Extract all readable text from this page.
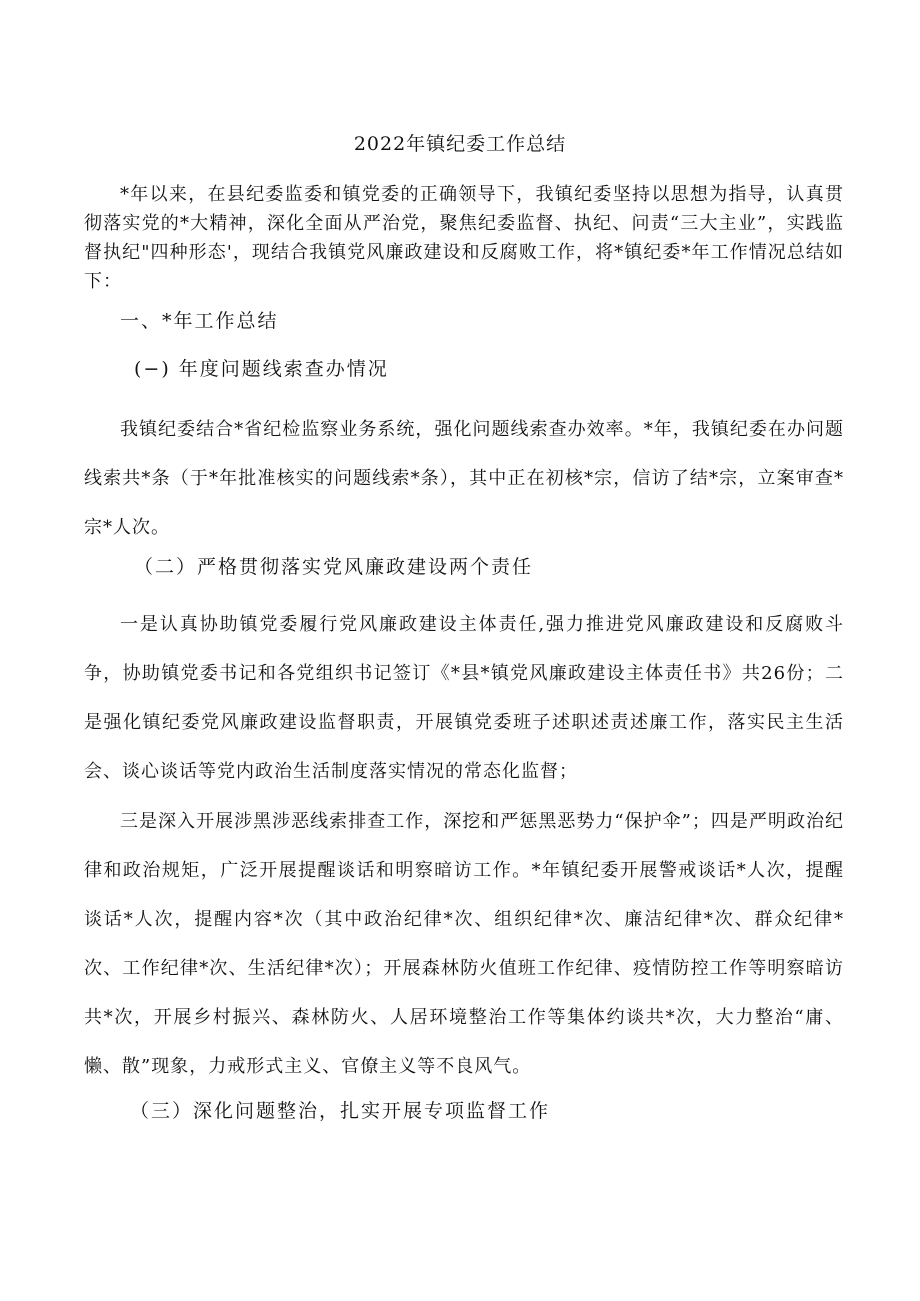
2022年镇纪委工作总结

*年以来，在县纪委监委和镇党委的正确领导下，我镇纪委坚持以思想为指导，认真贯彻落实党的*大精神，深化全面从严治党，聚焦纪委监督、执纪、问责“三大主业”，实践监督执纪"四种形态'，现结合我镇党风廉政建设和反腐败工作，将*镇纪委*年工作情况总结如下：

一、*年工作总结

(−) 年度问题线索查办情况

我镇纪委结合*省纪检监察业务系统，强化问题线索查办效率。*年，我镇纪委在办问题线索共*条（于*年批准核实的问题线索*条），其中正在初核*宗，信访了结*宗，立案审查*宗*人次。

（二）严格贯彻落实党风廉政建设两个责任

一是认真协助镇党委履行党风廉政建设主体责任,强力推进党风廉政建设和反腐败斗争，协助镇党委书记和各党组织书记签订《*县*镇党风廉政建设主体责任书》共26份；二是强化镇纪委党风廉政建设监督职责，开展镇党委班子述职述责述廉工作，落实民主生活会、谈心谈话等党内政治生活制度落实情况的常态化监督；

三是深入开展涉黑涉恶线索排查工作，深挖和严惩黑恶势力“保护伞”；四是严明政治纪律和政治规矩，广泛开展提醒谈话和明察暗访工作。*年镇纪委开展警戒谈话*人次，提醒谈话*人次，提醒内容*次（其中政治纪律*次、组织纪律*次、廉洁纪律*次、群众纪律*次、工作纪律*次、生活纪律*次）；开展森林防火值班工作纪律、疫情防控工作等明察暗访共*次，开展乡村振兴、森林防火、人居环境整治工作等集体约谈共*次，大力整治“庸、懒、散”现象，力戒形式主义、官僚主义等不良风气。

（三）深化问题整治，扎实开展专项监督工作
